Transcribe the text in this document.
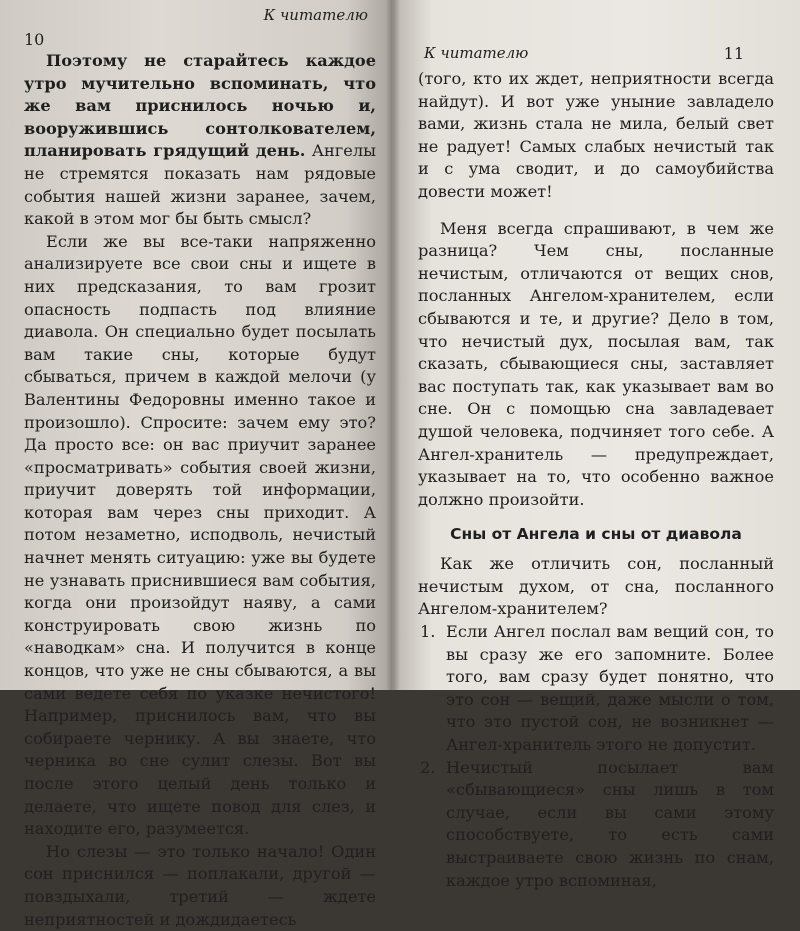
10
К читателю

Поэтому не старайтесь каждое утро мучительно вспоминать, что же вам приснилось ночью и, вооружившись сонтолкователем, планировать грядущий день. Ангелы не стремятся показать нам рядовые события нашей жизни заранее, зачем, какой в этом мог бы быть смысл?

Если же вы все-таки напряженно анализируете все свои сны и ищете в них предсказания, то вам грозит опасность подпасть под влияние диавола. Он специально будет посылать вам такие сны, которые будут сбываться, причем в каждой мелочи (у Валентины Федоровны именно такое и произошло). Спросите: зачем ему это? Да просто все: он вас приучит заранее «просматривать» события своей жизни, приучит доверять той информации, которая вам через сны приходит. А потом незаметно, исподволь, нечистый начнет менять ситуацию: уже вы будете не узнавать приснившиеся вам события, когда они произойдут наяву, а сами конструировать свою жизнь по «наводкам» сна. И получится в конце концов, что уже не сны сбываются, а вы сами ведете себя по указке нечистого! Например, приснилось вам, что вы собираете чернику. А вы знаете, что черника во сне сулит слезы. Вот вы после этого целый день только и делаете, что ищете повод для слез, и находите его, разумеется.

Но слезы — это только начало! Один сон приснился — поплакали, другой — повздыхали, третий — ждете неприятностей и дождидаетесь

К читателю	11

(того, кто их ждет, неприятности всегда найдут). И вот уже уныние завладело вами, жизнь стала не мила, белый свет не радует! Самых слабых нечистый так и с ума сводит, и до самоубийства довести может!

Меня всегда спрашивают, в чем же разница? Чем сны, посланные нечистым, отличаются от вещих снов, посланных Ангелом-хранителем, если сбываются и те, и другие? Дело в том, что нечистый дух, посылая вам, так сказать, сбывающиеся сны, заставляет вас поступать так, как указывает вам во сне. Он с помощью сна завладевает душой человека, подчиняет того себе. А Ангел-хранитель — предупреждает, указывает на то, что особенно важное должно произойти.

Сны от Ангела и сны от диавола

Как же отличить сон, посланный нечистым духом, от сна, посланного Ангелом-хранителем?

1. Если Ангел послал вам вещий сон, то вы сразу же его запомните. Более того, вам сразу будет понятно, что это сон — вещий, даже мысли о том, что это пустой сон, не возникнет — Ангел-хранитель этого не допустит.

2. Нечистый посылает вам «сбывающиеся» сны лишь в том случае, если вы сами этому способствуете, то есть сами выстраиваете свою жизнь по снам, каждое утро вспоминая,
